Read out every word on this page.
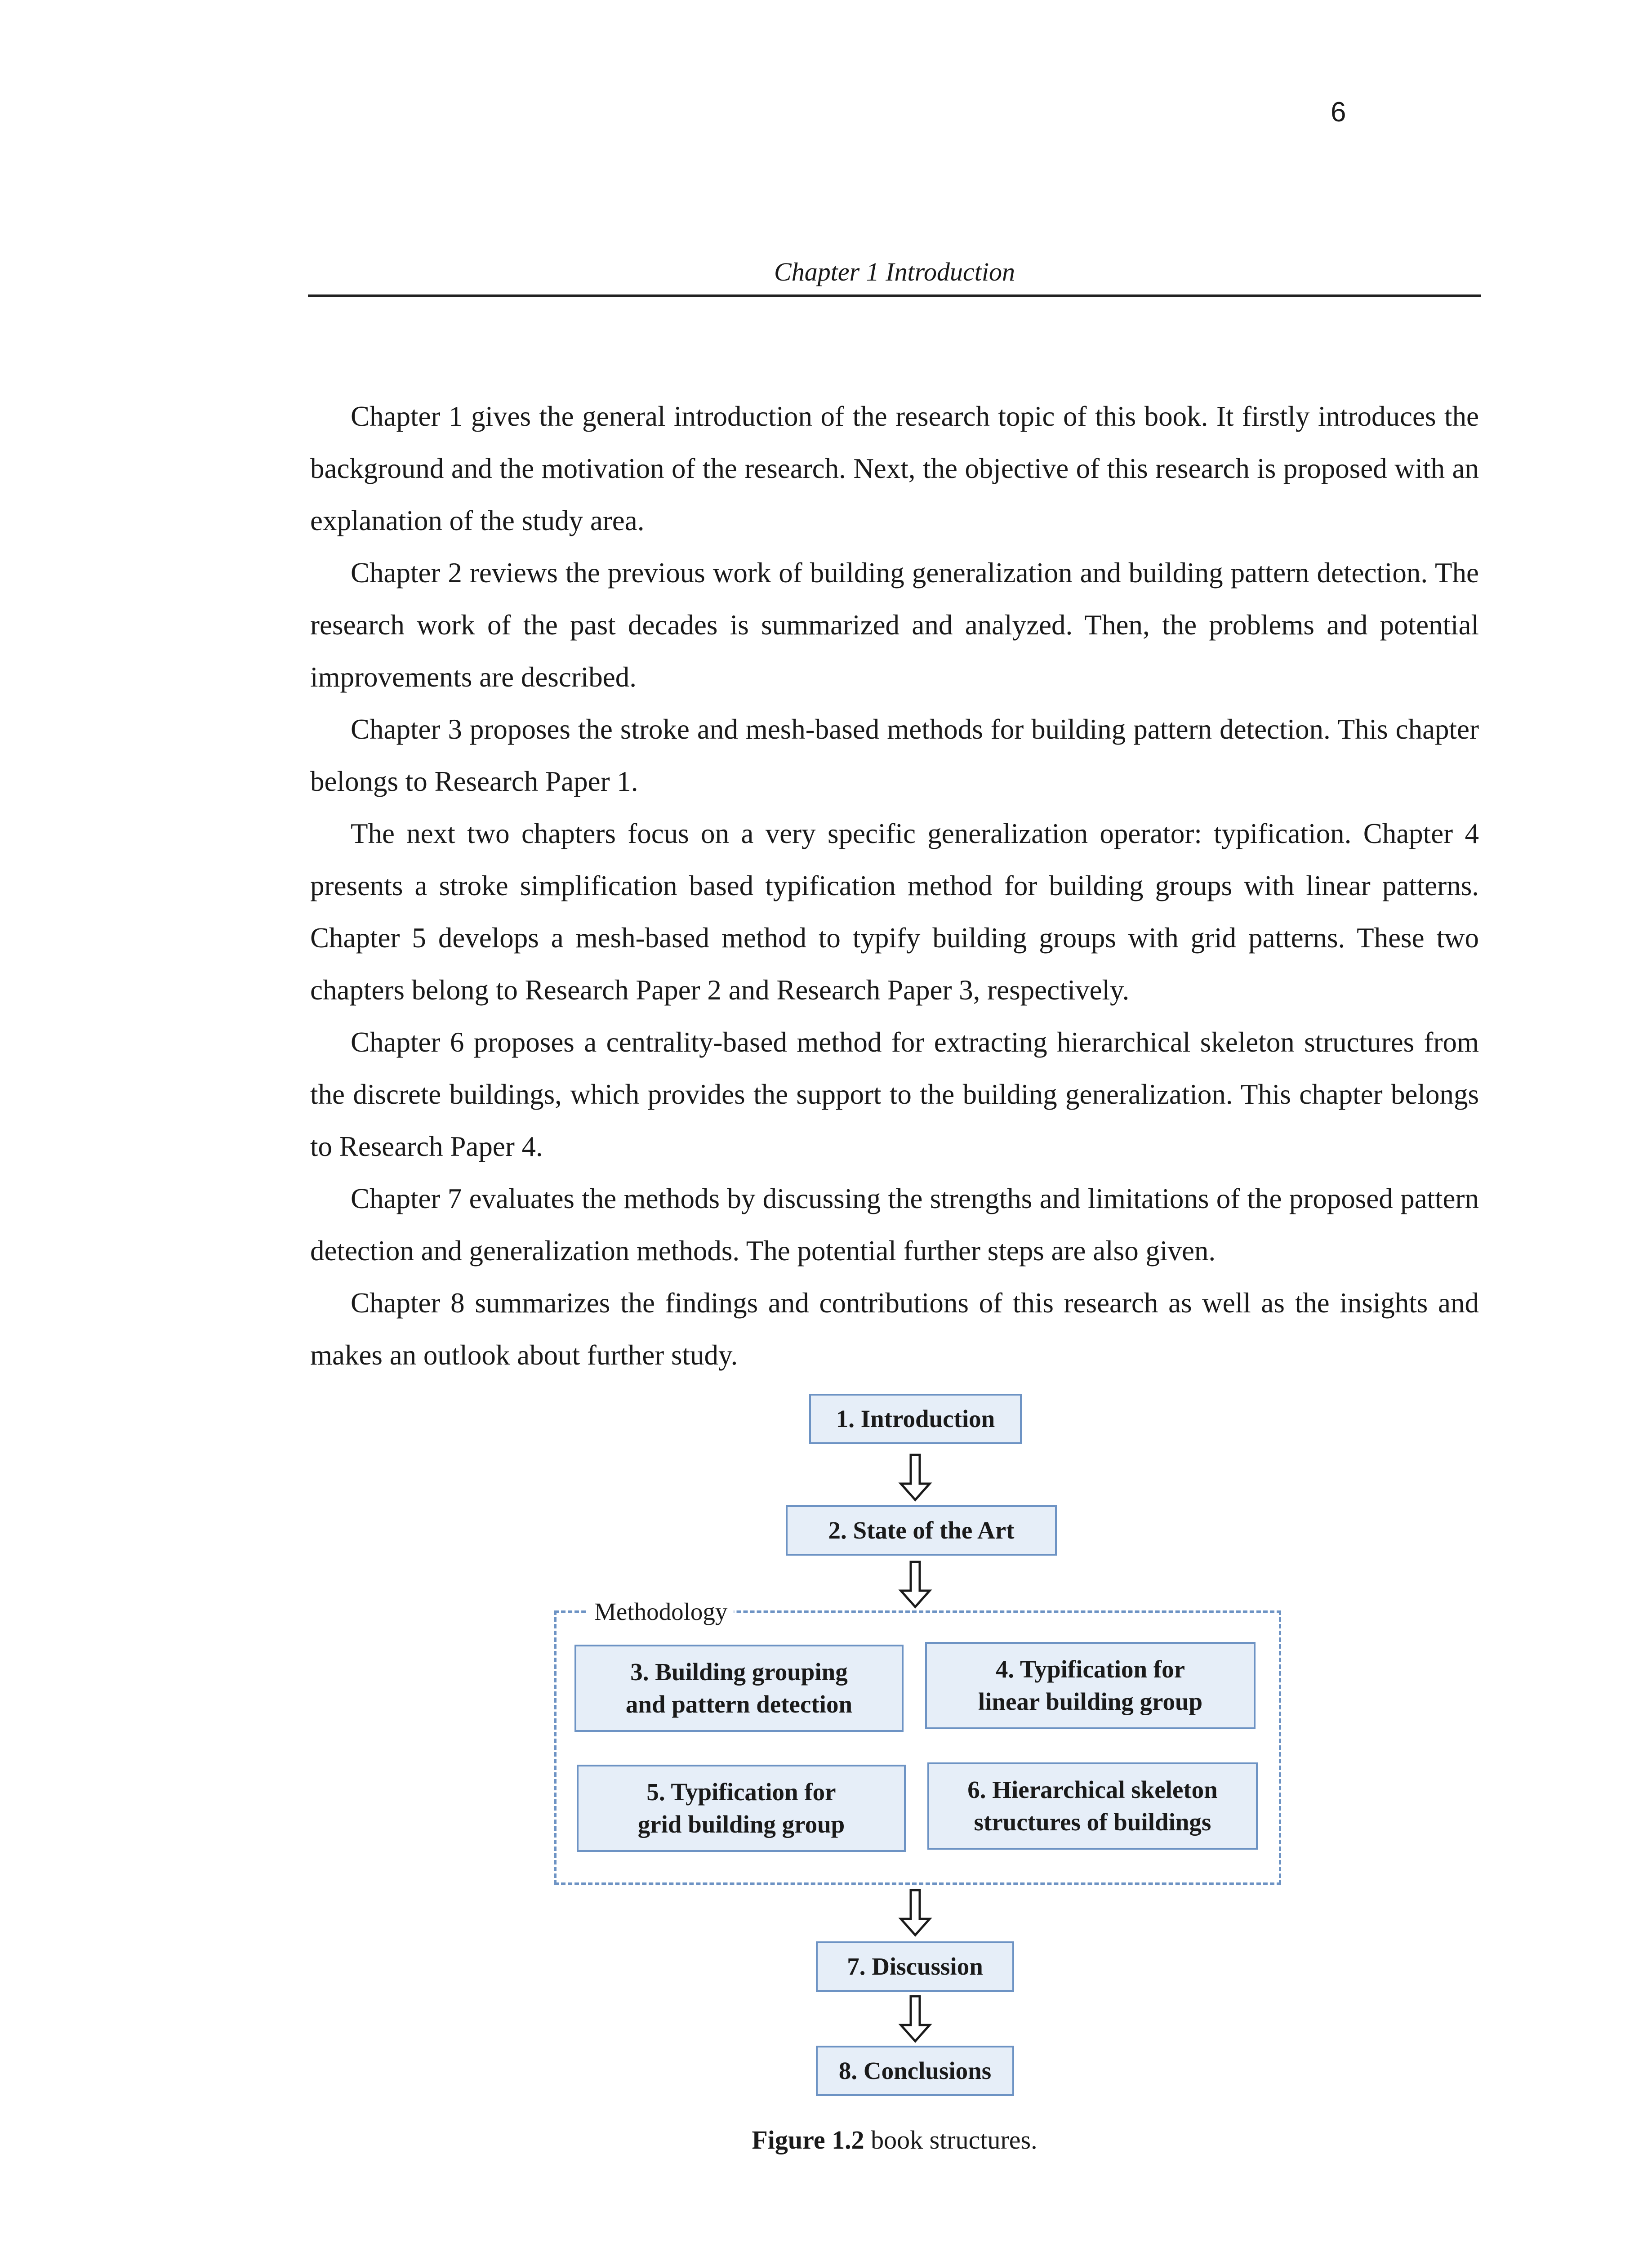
6
Chapter 1 Introduction

Chapter 1 gives the general introduction of the research topic of this book. It firstly introduces the background and the motivation of the research. Next, the objective of this research is proposed with an explanation of the study area.

Chapter 2 reviews the previous work of building generalization and building pattern detection. The research work of the past decades is summarized and analyzed. Then, the problems and potential improvements are described.

Chapter 3 proposes the stroke and mesh-based methods for building pattern detection. This chapter belongs to Research Paper 1.

The next two chapters focus on a very specific generalization operator: typification. Chapter 4 presents a stroke simplification based typification method for building groups with linear patterns. Chapter 5 develops a mesh-based method to typify building groups with grid patterns. These two chapters belong to Research Paper 2 and Research Paper 3, respectively.

Chapter 6 proposes a centrality-based method for extracting hierarchical skeleton structures from the discrete buildings, which provides the support to the building generalization. This chapter belongs to Research Paper 4.

Chapter 7 evaluates the methods by discussing the strengths and limitations of the proposed pattern detection and generalization methods. The potential further steps are also given.

Chapter 8 summarizes the findings and contributions of this research as well as the insights and makes an outlook about further study.

1. Introduction
2. State of the Art
Methodology
3. Building grouping
and pattern detection
4. Typification for
linear building group
5. Typification for
grid building group
6. Hierarchical skeleton
structures of buildings
7. Discussion
8. Conclusions
Figure 1.2 book structures.
